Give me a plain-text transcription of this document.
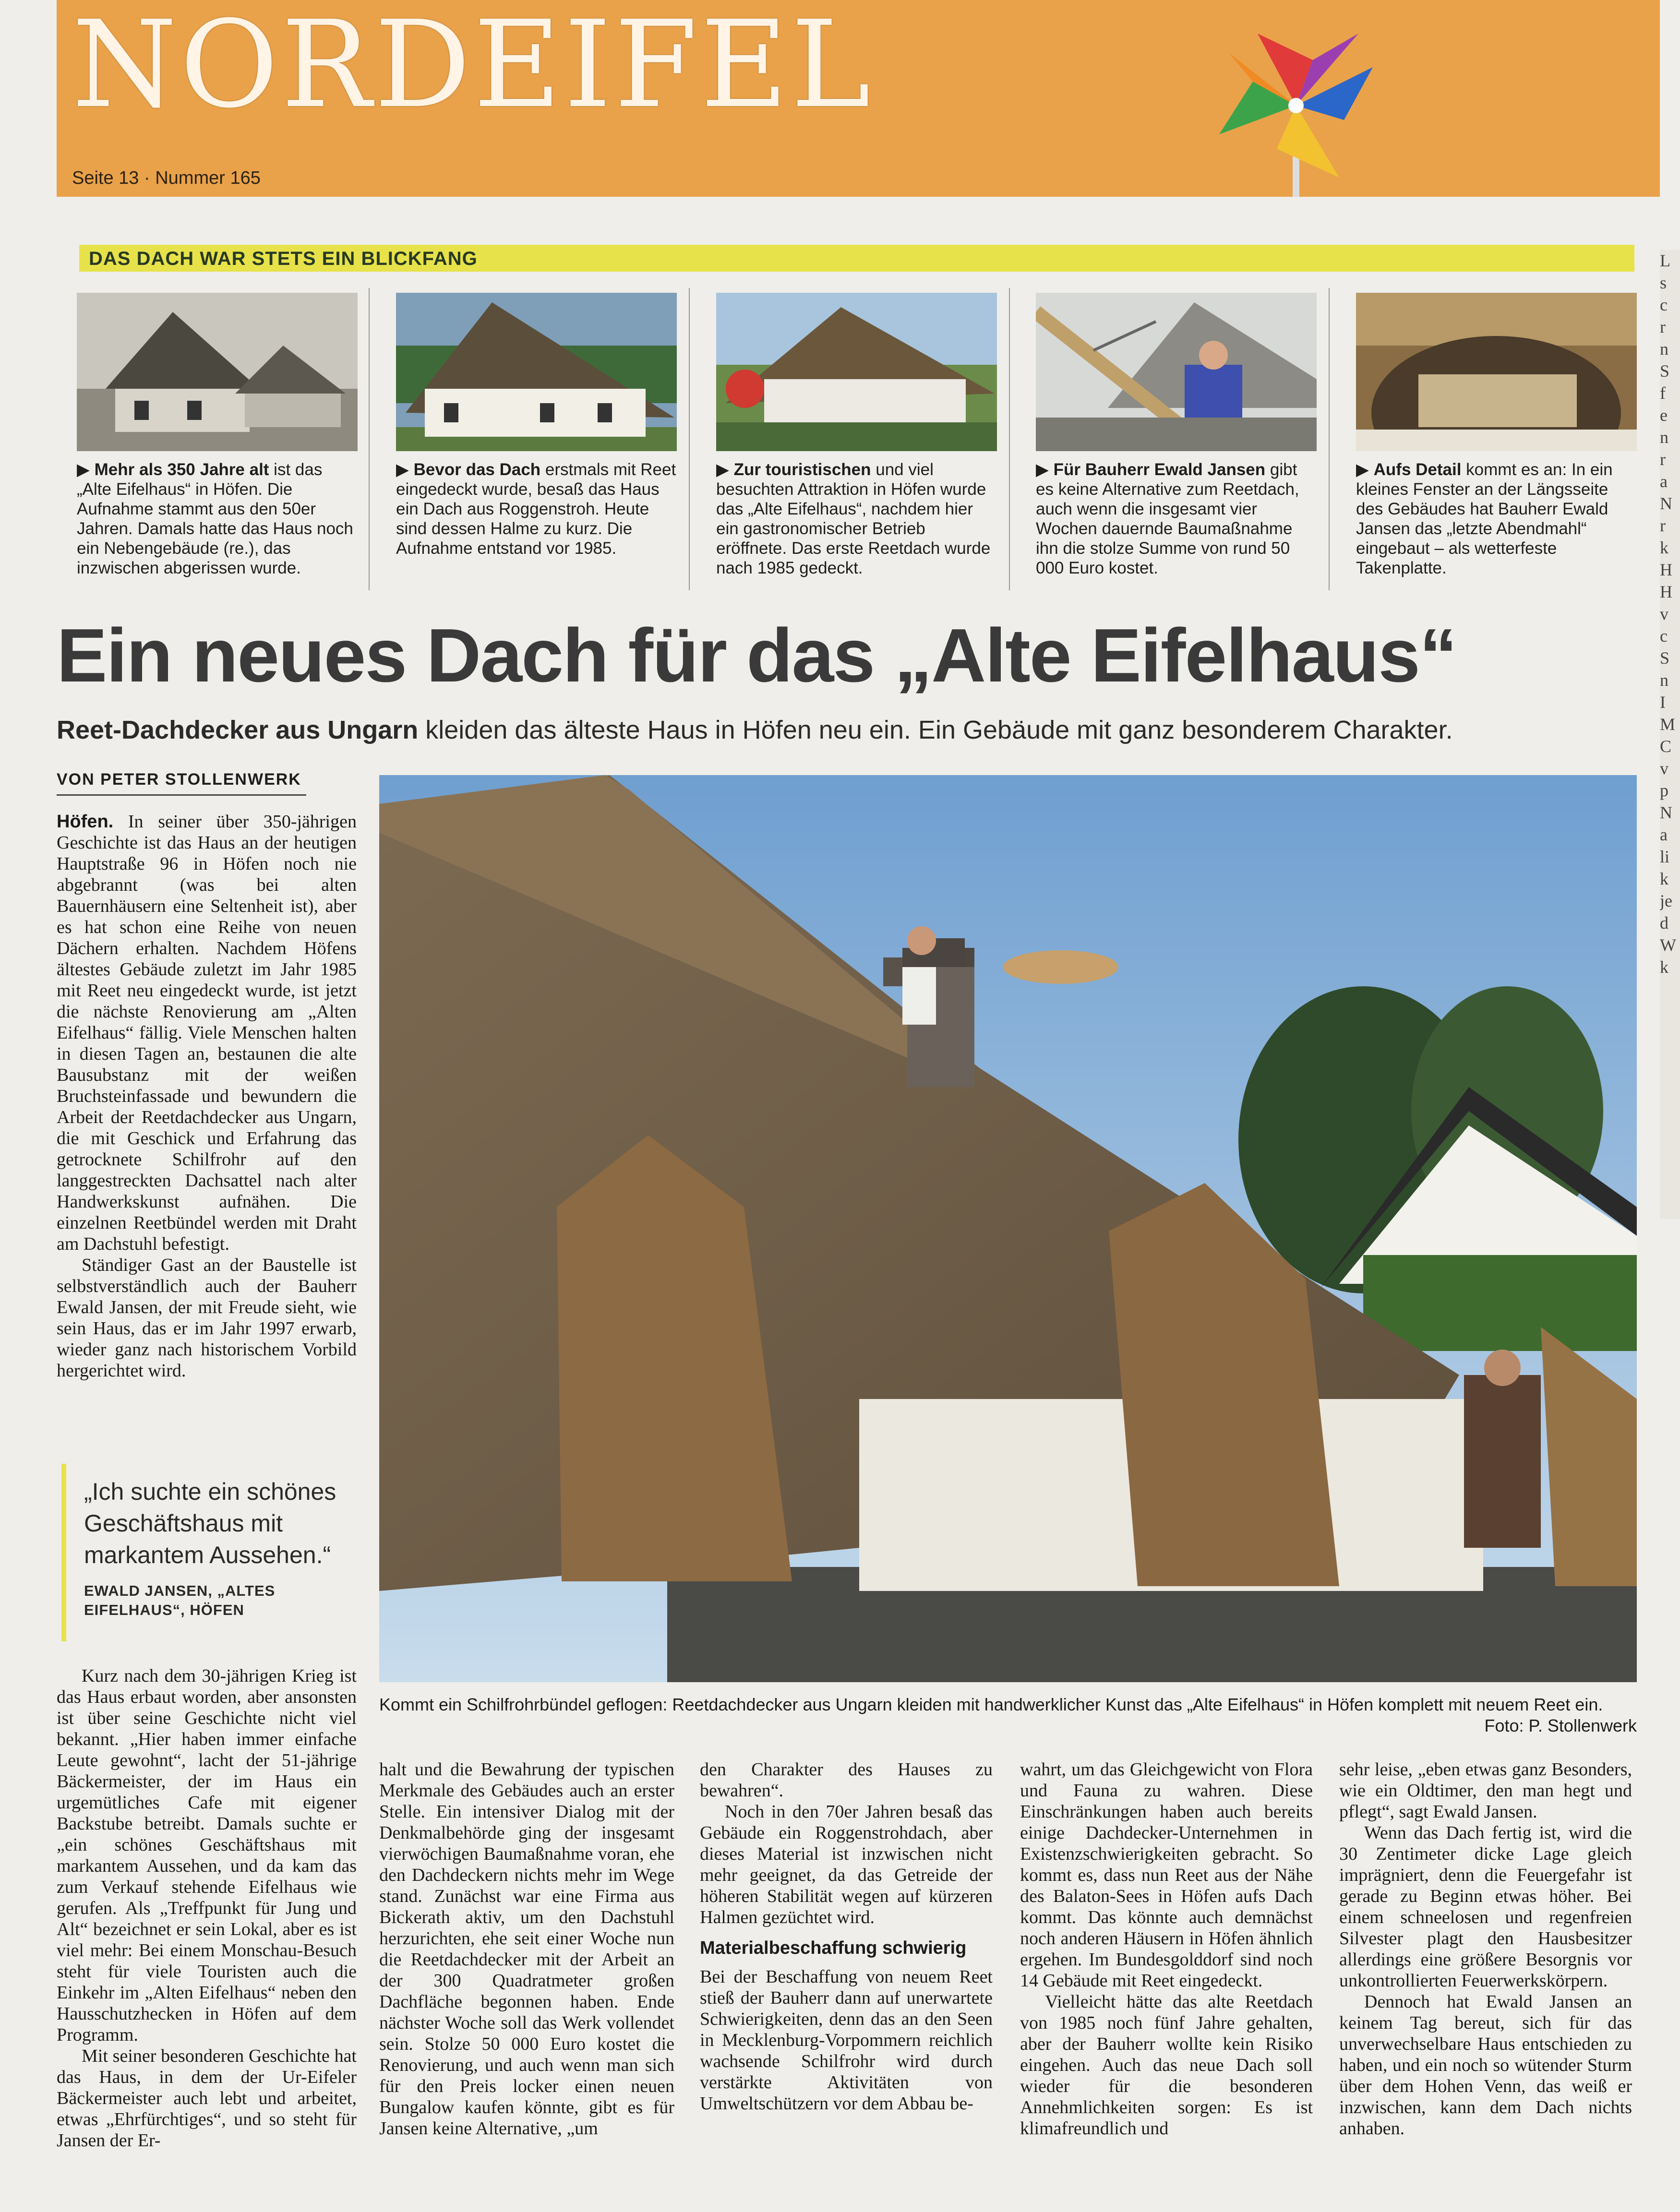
NORDEIFEL
Seite 13 · Nummer 165
DAS DACH WAR STETS EIN BLICKFANG
▶ Mehr als 350 Jahre alt ist das „Alte Eifelhaus“ in Höfen. Die Aufnahme stammt aus den 50er Jahren. Damals hatte das Haus noch ein Nebengebäude (re.), das inzwischen abgerissen wurde.
▶ Bevor das Dach erstmals mit Reet eingedeckt wurde, besaß das Haus ein Dach aus Roggenstroh. Heute sind dessen Halme zu kurz. Die Aufnahme entstand vor 1985.
▶ Zur touristischen und viel besuchten Attraktion in Höfen wurde das „Alte Eifelhaus“, nachdem hier ein gastronomischer Betrieb eröffnete. Das erste Reetdach wurde nach 1985 gedeckt.
▶ Für Bauherr Ewald Jansen gibt es keine Alternative zum Reetdach, auch wenn die insgesamt vier Wochen dauernde Baumaßnahme ihn die stolze Summe von rund 50 000 Euro kostet.
▶ Aufs Detail kommt es an: In ein kleines Fenster an der Längsseite des Gebäudes hat Bauherr Ewald Jansen das „letzte Abendmahl“ eingebaut – als wetterfeste Takenplatte.
Ein neues Dach für das „Alte Eifelhaus“
Reet-Dachdecker aus Ungarn kleiden das älteste Haus in Höfen neu ein. Ein Gebäude mit ganz besonderem Charakter.
VON PETER STOLLENWERK

Höfen. In seiner über 350-jährigen Geschichte ist das Haus an der heutigen Hauptstraße 96 in Höfen noch nie abgebrannt (was bei alten Bauernhäusern eine Seltenheit ist), aber es hat schon eine Reihe von neuen Dächern erhalten. Nachdem Höfens ältestes Gebäude zuletzt im Jahr 1985 mit Reet neu eingedeckt wurde, ist jetzt die nächste Renovierung am „Alten Eifelhaus“ fällig. Viele Menschen halten in diesen Tagen an, bestaunen die alte Bausubstanz mit der weißen Bruchsteinfassade und bewundern die Arbeit der Reetdachdecker aus Ungarn, die mit Geschick und Erfahrung das getrocknete Schilfrohr auf den langgestreckten Dachsattel nach alter Handwerkskunst aufnähen. Die einzelnen Reetbündel werden mit Draht am Dachstuhl befestigt.

Ständiger Gast an der Baustelle ist selbstverständlich auch der Bauherr Ewald Jansen, der mit Freude sieht, wie sein Haus, das er im Jahr 1997 erwarb, wieder ganz nach historischem Vorbild hergerichtet wird.

„Ich suchte ein schönes Geschäftshaus mit markantem Aussehen.“
EWALD JANSEN, „ALTES EIFELHAUS“, HÖFEN

Kurz nach dem 30-jährigen Krieg ist das Haus erbaut worden, aber ansonsten ist über seine Geschichte nicht viel bekannt. „Hier haben immer einfache Leute gewohnt“, lacht der 51-jährige Bäckermeister, der im Haus ein urgemütliches Cafe mit eigener Backstube betreibt. Damals suchte er „ein schönes Geschäftshaus mit markantem Aussehen, und da kam das zum Verkauf stehende Eifelhaus wie gerufen. Als „Treffpunkt für Jung und Alt“ bezeichnet er sein Lokal, aber es ist viel mehr: Bei einem Monschau-Besuch steht für viele Touristen auch die Einkehr im „Alten Eifelhaus“ neben den Hausschutzhecken in Höfen auf dem Programm.

Mit seiner besonderen Geschichte hat das Haus, in dem der Ur-Eifeler Bäckermeister auch lebt und arbeitet, etwas „Ehrfürchtiges“, und so steht für Jansen der Er-

Kommt ein Schilfrohrbündel geflogen: Reetdachdecker aus Ungarn kleiden mit handwerklicher Kunst das „Alte Eifelhaus“ in Höfen komplett mit neuem Reet ein.
Foto: P. Stollenwerk

halt und die Bewahrung der typischen Merkmale des Gebäudes auch an erster Stelle. Ein intensiver Dialog mit der Denkmalbehörde ging der insgesamt vierwöchigen Baumaßnahme voran, ehe den Dachdeckern nichts mehr im Wege stand. Zunächst war eine Firma aus Bickerath aktiv, um den Dachstuhl herzurichten, ehe seit einer Woche nun die Reetdachdecker mit der Arbeit an der 300 Quadratmeter großen Dachfläche begonnen haben. Ende nächster Woche soll das Werk vollendet sein. Stolze 50 000 Euro kostet die Renovierung, und auch wenn man sich für den Preis locker einen neuen Bungalow kaufen könnte, gibt es für Jansen keine Alternative, „um

den Charakter des Hauses zu bewahren“.

Noch in den 70er Jahren besaß das Gebäude ein Roggenstrohdach, aber dieses Material ist inzwischen nicht mehr geeignet, da das Getreide der höheren Stabilität wegen auf kürzeren Halmen gezüchtet wird.

Materialbeschaffung schwierig

Bei der Beschaffung von neuem Reet stieß der Bauherr dann auf unerwartete Schwierigkeiten, denn das an den Seen in Mecklenburg-Vorpommern reichlich wachsende Schilfrohr wird durch verstärkte Aktivitäten von Umweltschützern vor dem Abbau be-

wahrt, um das Gleichgewicht von Flora und Fauna zu wahren. Diese Einschränkungen haben auch bereits einige Dachdecker-Unternehmen in Existenzschwierigkeiten gebracht. So kommt es, dass nun Reet aus der Nähe des Balaton-Sees in Höfen aufs Dach kommt. Das könnte auch demnächst noch anderen Häusern in Höfen ähnlich ergehen. Im Bundesgolddorf sind noch 14 Gebäude mit Reet eingedeckt.

Vielleicht hätte das alte Reetdach von 1985 noch fünf Jahre gehalten, aber der Bauherr wollte kein Risiko eingehen. Auch das neue Dach soll wieder für die besonderen Annehmlichkeiten sorgen: Es ist klimafreundlich und

sehr leise, „eben etwas ganz Besonders, wie ein Oldtimer, den man hegt und pflegt“, sagt Ewald Jansen.

Wenn das Dach fertig ist, wird die 30 Zentimeter dicke Lage gleich imprägniert, denn die Feuergefahr ist gerade zu Beginn etwas höher. Bei einem schneelosen und regenfreien Silvester plagt den Hausbesitzer allerdings eine größere Besorgnis vor unkontrollierten Feuerwerkskörpern.

Dennoch hat Ewald Jansen an keinem Tag bereut, sich für das unverwechselbare Haus entschieden zu haben, und ein noch so wütender Sturm über dem Hohen Venn, das weiß er inzwischen, kann dem Dach nichts anhaben.

L
s
c
r
n
S
f
e
n
r
a
N
r
k
H
H
v
c
S
n
I
M
C
v
p
N
a
li
k
je
d
W
k
